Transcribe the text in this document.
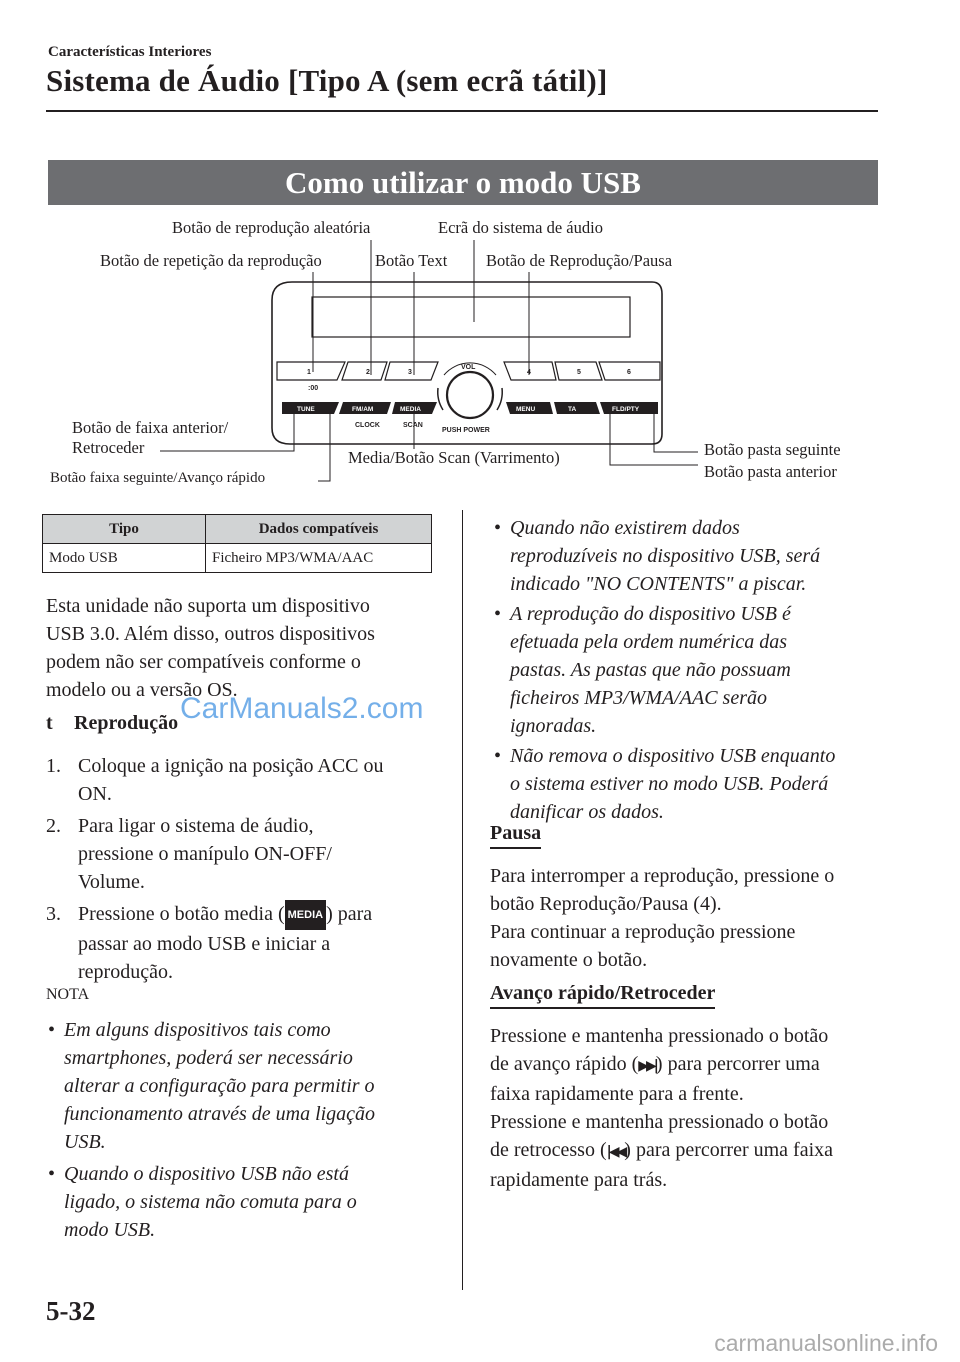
Características Interiores
Sistema de Áudio [Tipo A (sem ecrã tátil)]
Como utilizar o modo USB
Botão de reprodução aleatória	Ecrã do sistema de áudio
Botão de repetição da reprodução	Botão Text Botão de Reprodução/Pausa
Botão de faixa anterior/
Retroceder
Botão faixa seguinte/Avanço rápido
Media/Botão Scan (Varrimento)	Botão pasta seguinte
Botão pasta anterior
1	2	3	4	5	6
:00
VOL
PUSH POWER
TUNE	FM/AM	MEDIA	MENU	TA	FLD/PTY
CLOCK	SCAN
Tipo	Dados compatíveis
Modo USB	Ficheiro MP3/WMA/AAC
Esta unidade não suporta um dispositivo
USB 3.0. Além disso, outros dispositivos
podem não ser compatíveis conforme o
modelo ou a versão OS.
t Reprodução
1. Coloque a ignição na posição ACC ou
ON.
2. Para ligar o sistema de áudio,
pressione o manípulo ON-OFF/
Volume.
3. Pressione o botão media ( MEDIA ) para
passar ao modo USB e iniciar a
reprodução.
NOTA
• Em alguns dispositivos tais como
smartphones, poderá ser necessário
alterar a configuração para permitir o
funcionamento através de uma ligação
USB.
• Quando o dispositivo USB não está
ligado, o sistema não comuta para o
modo USB.
• Quando não existirem dados
reproduzíveis no dispositivo USB, será
indicado "NO CONTENTS" a piscar.
• A reprodução do dispositivo USB é
efetuada pela ordem numérica das
pastas. As pastas que não possuam
ficheiros MP3/WMA/AAC serão
ignoradas.
• Não remova o dispositivo USB enquanto
o sistema estiver no modo USB. Poderá
danificar os dados.
Pausa
Para interromper a reprodução, pressione o
botão Reprodução/Pausa (4).
Para continuar a reprodução pressione
novamente o botão.
Avanço rápido/Retroceder
Pressione e mantenha pressionado o botão
de avanço rápido (▶▶|) para percorrer uma
faixa rapidamente para a frente.
Pressione e mantenha pressionado o botão
de retrocesso (|◀◀) para percorrer uma faixa
rapidamente para trás.
5-32
CarManuals2.com
carmanualsonline.info
